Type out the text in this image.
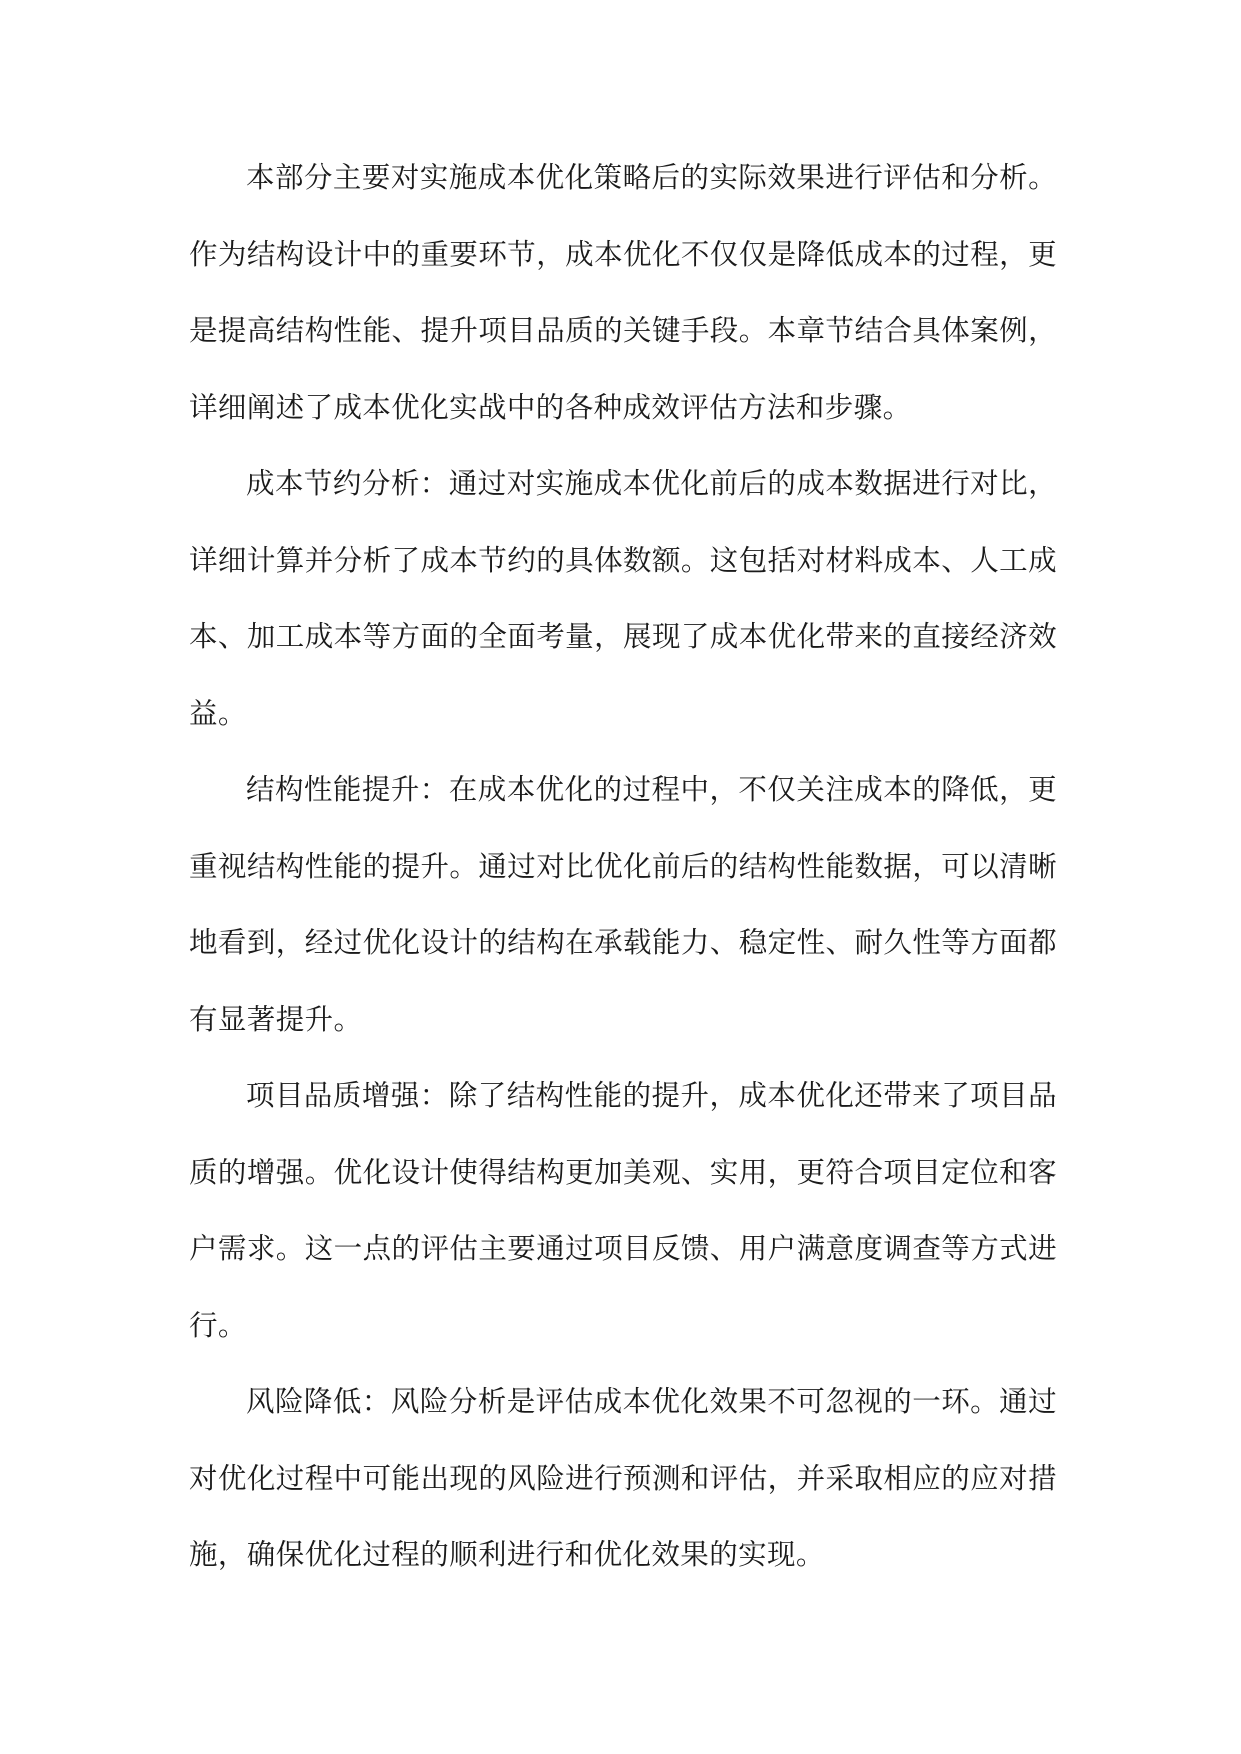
本部分主要对实施成本优化策略后的实际效果进行评估和分析。作为结构设计中的重要环节，成本优化不仅仅是降低成本的过程，更是提高结构性能、提升项目品质的关键手段。本章节结合具体案例，详细阐述了成本优化实战中的各种成效评估方法和步骤。

成本节约分析：通过对实施成本优化前后的成本数据进行对比，详细计算并分析了成本节约的具体数额。这包括对材料成本、人工成本、加工成本等方面的全面考量，展现了成本优化带来的直接经济效益。

结构性能提升：在成本优化的过程中，不仅关注成本的降低，更重视结构性能的提升。通过对比优化前后的结构性能数据，可以清晰地看到，经过优化设计的结构在承载能力、稳定性、耐久性等方面都有显著提升。

项目品质增强：除了结构性能的提升，成本优化还带来了项目品质的增强。优化设计使得结构更加美观、实用，更符合项目定位和客户需求。这一点的评估主要通过项目反馈、用户满意度调查等方式进行。

风险降低：风险分析是评估成本优化效果不可忽视的一环。通过对优化过程中可能出现的风险进行预测和评估，并采取相应的应对措施，确保优化过程的顺利进行和优化效果的实现。
